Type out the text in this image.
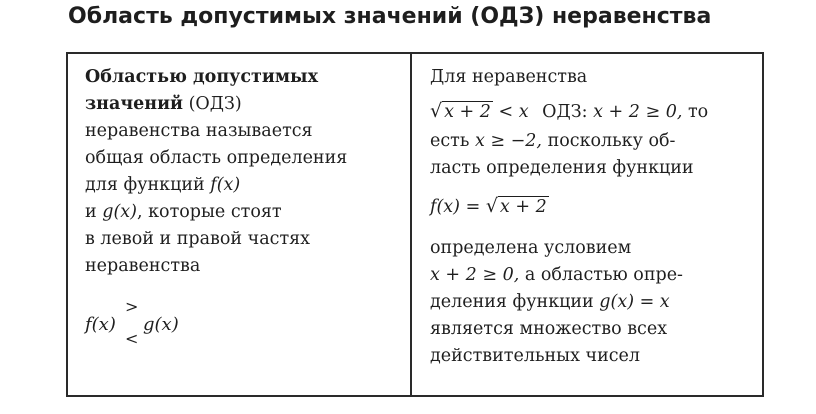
Область допустимых значений (ОДЗ) неравенства
Областью допустимых
значений (ОДЗ)
неравенства называется
общая область определения
для функций f(x)
и g(x), которые стоят
в левой и правой частях
неравенства
f(x)
>
<
g(x)
Для неравенства
√ x + 2 < x ОДЗ: x + 2 ≥ 0, то
есть x ≥ −2, поскольку об-
ласть определения функции
f(x) = √ x + 2
определена условием
x + 2 ≥ 0, а областью опре-
деления функции g(x) = x
является множество всех
действительных чисел
